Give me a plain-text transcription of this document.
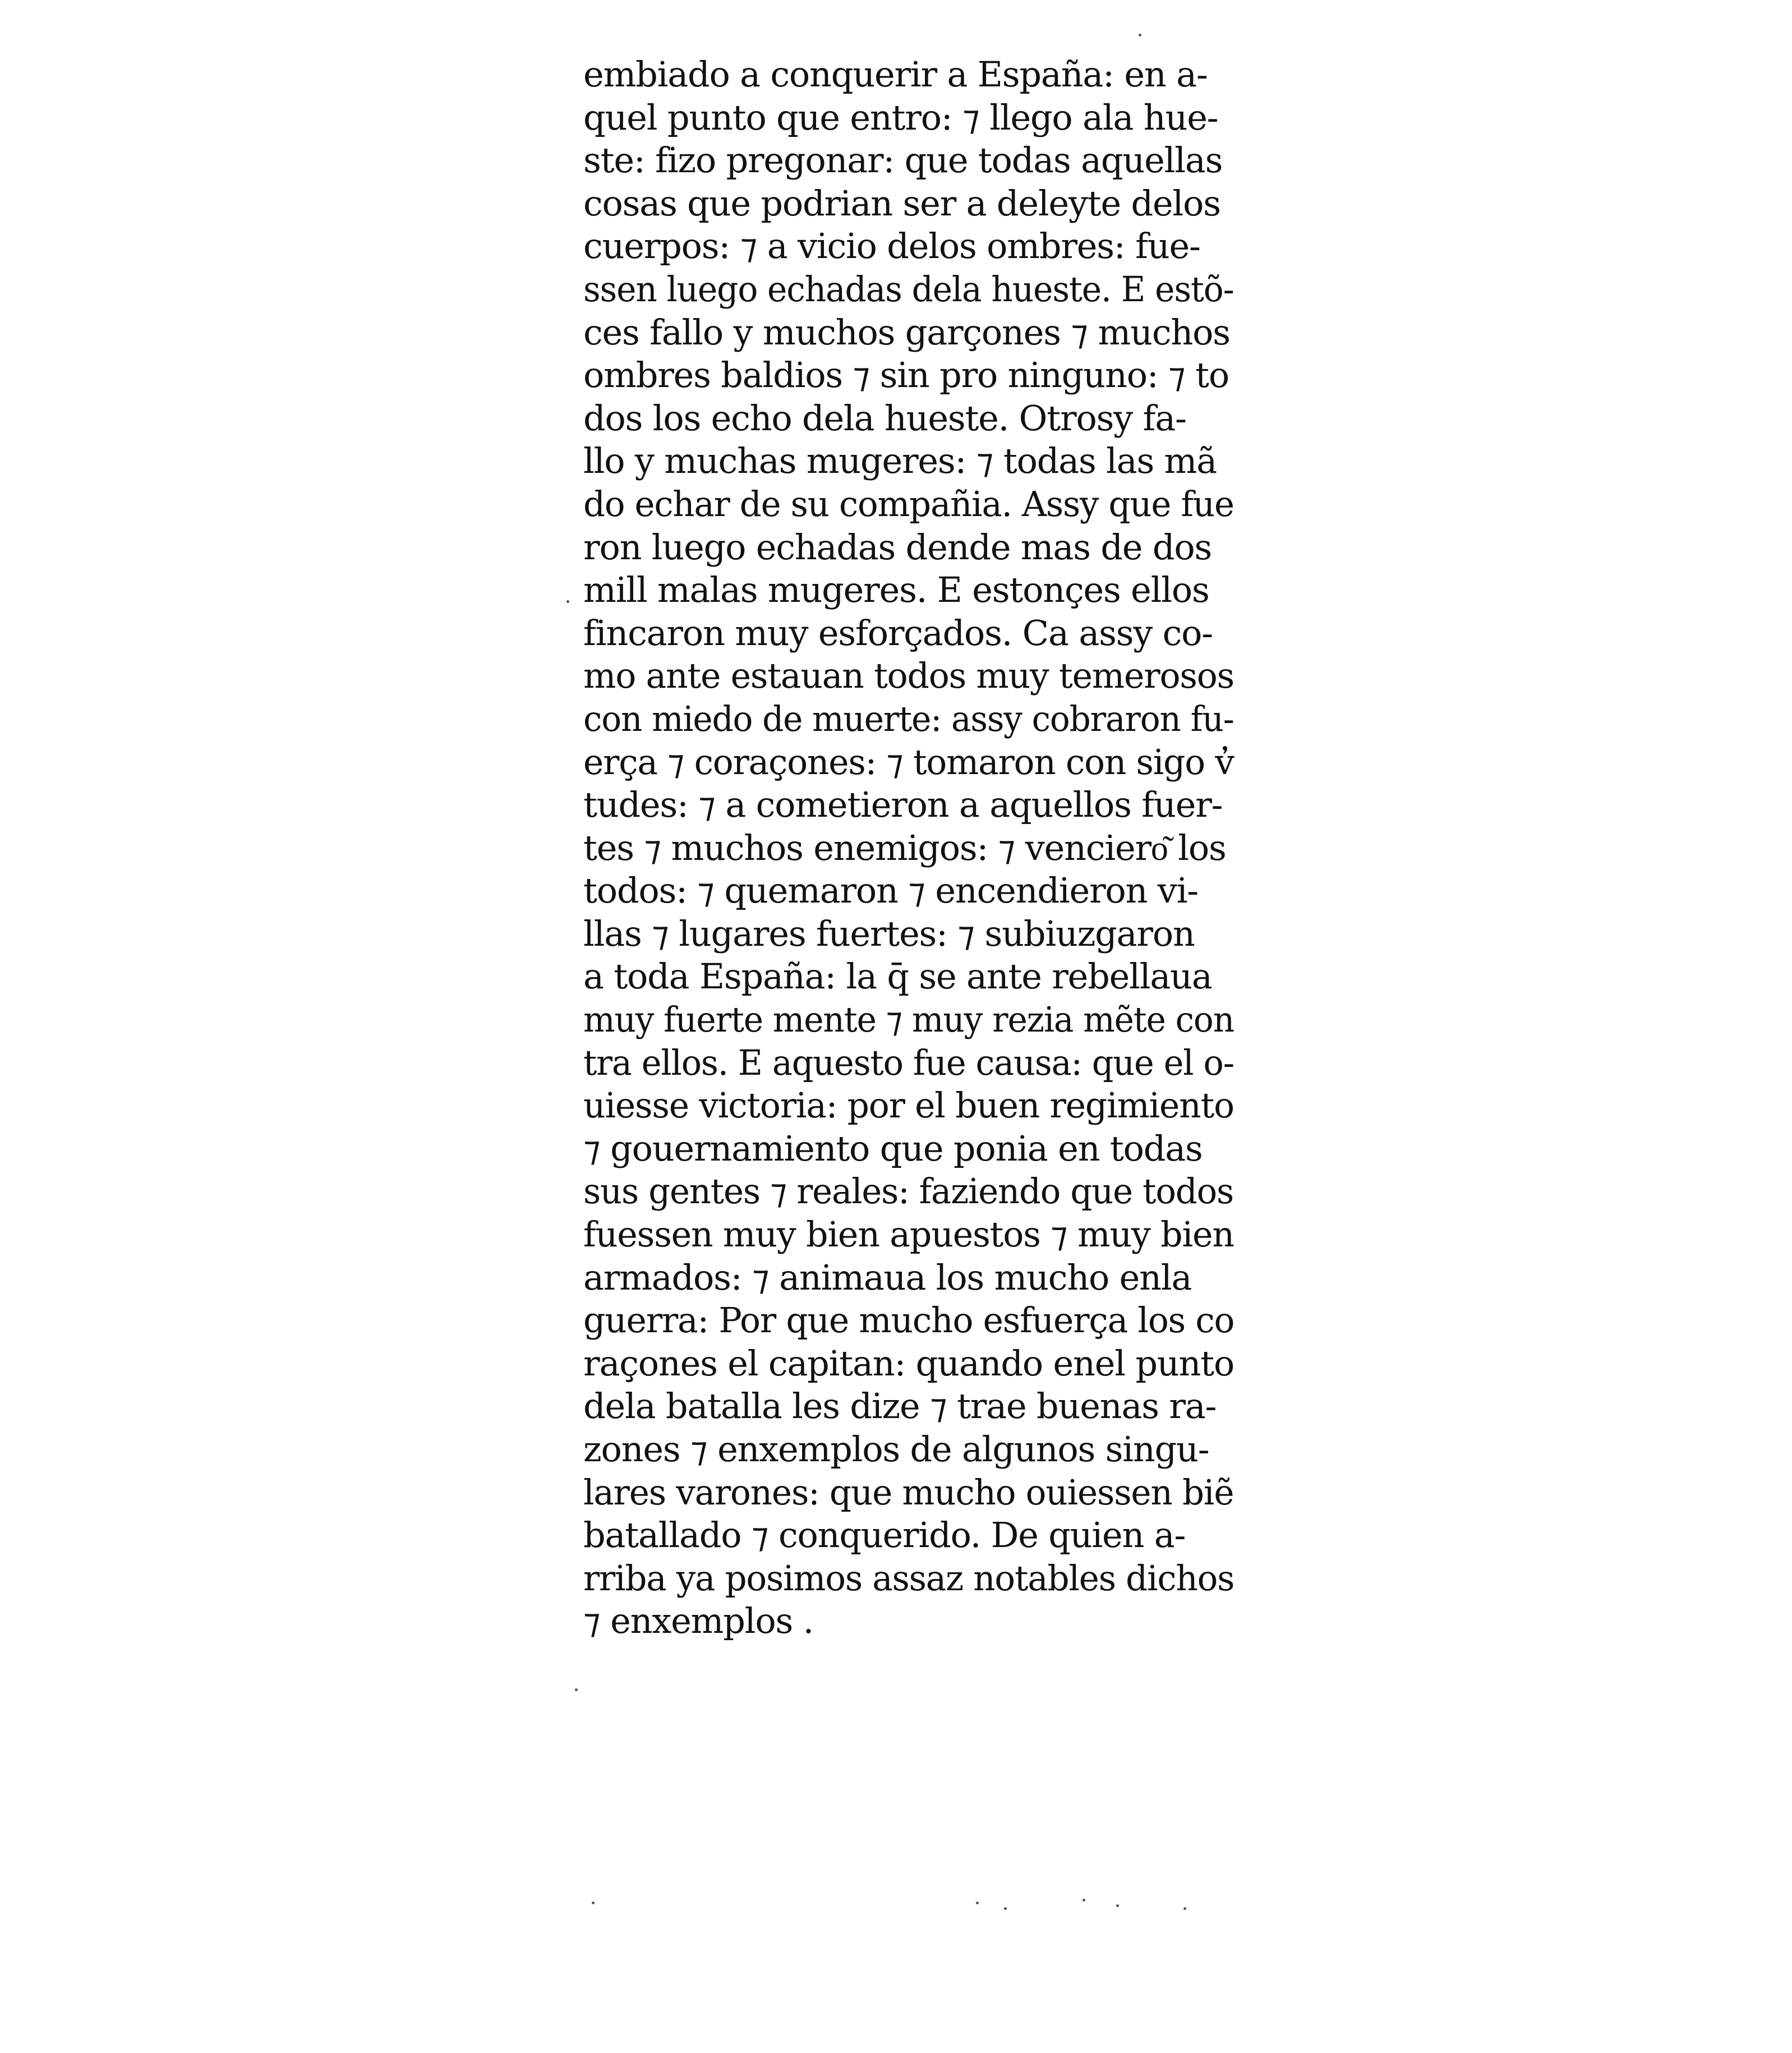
embiado a conquerir a España: en a-
quel punto que entro: ⁊ llego ala hue-
ste: fizo pregonar: que todas aquellas
cosas que podrian ser a deleyte delos
cuerpos: ⁊ a vicio delos ombres: fue-
ssen luego echadas dela hueste. E estõ-
ces fallo y muchos garçones ⁊ muchos
ombres baldios ⁊ sin pro ninguno: ⁊ to
dos los echo dela hueste. Otrosy fa-
llo y muchas mugeres: ⁊ todas las mã
do echar de su compañia. Assy que fue
ron luego echadas dende mas de dos
mill malas mugeres. E estonçes ellos
fincaron muy esforçados. Ca assy co-
mo ante estauan todos muy temerosos
con miedo de muerte: assy cobraron fu-
erça ⁊ coraçones: ⁊ tomaron con sigo v̓
tudes: ⁊ a cometieron a aquellos fuer-
tes ⁊ muchos enemigos: ⁊ venciero͂ los
todos: ⁊ quemaron ⁊ encendieron vi-
llas ⁊ lugares fuertes: ⁊ subiuzgaron
a toda España: la q̄ se ante rebellaua
muy fuerte mente ⁊ muy rezia mẽte con
tra ellos. E aquesto fue causa: que el o-
uiesse victoria: por el buen regimiento
⁊ gouernamiento que ponia en todas
sus gentes ⁊ reales: faziendo que todos
fuessen muy bien apuestos ⁊ muy bien
armados: ⁊ animaua los mucho enla
guerra: Por que mucho esfuerça los co
raçones el capitan: quando enel punto
dela batalla les dize ⁊ trae buenas ra-
zones ⁊ enxemplos de algunos singu-
lares varones: que mucho ouiessen biẽ
batallado ⁊ conquerido. De quien a-
rriba ya posimos assaz notables dichos
⁊ enxemplos .
